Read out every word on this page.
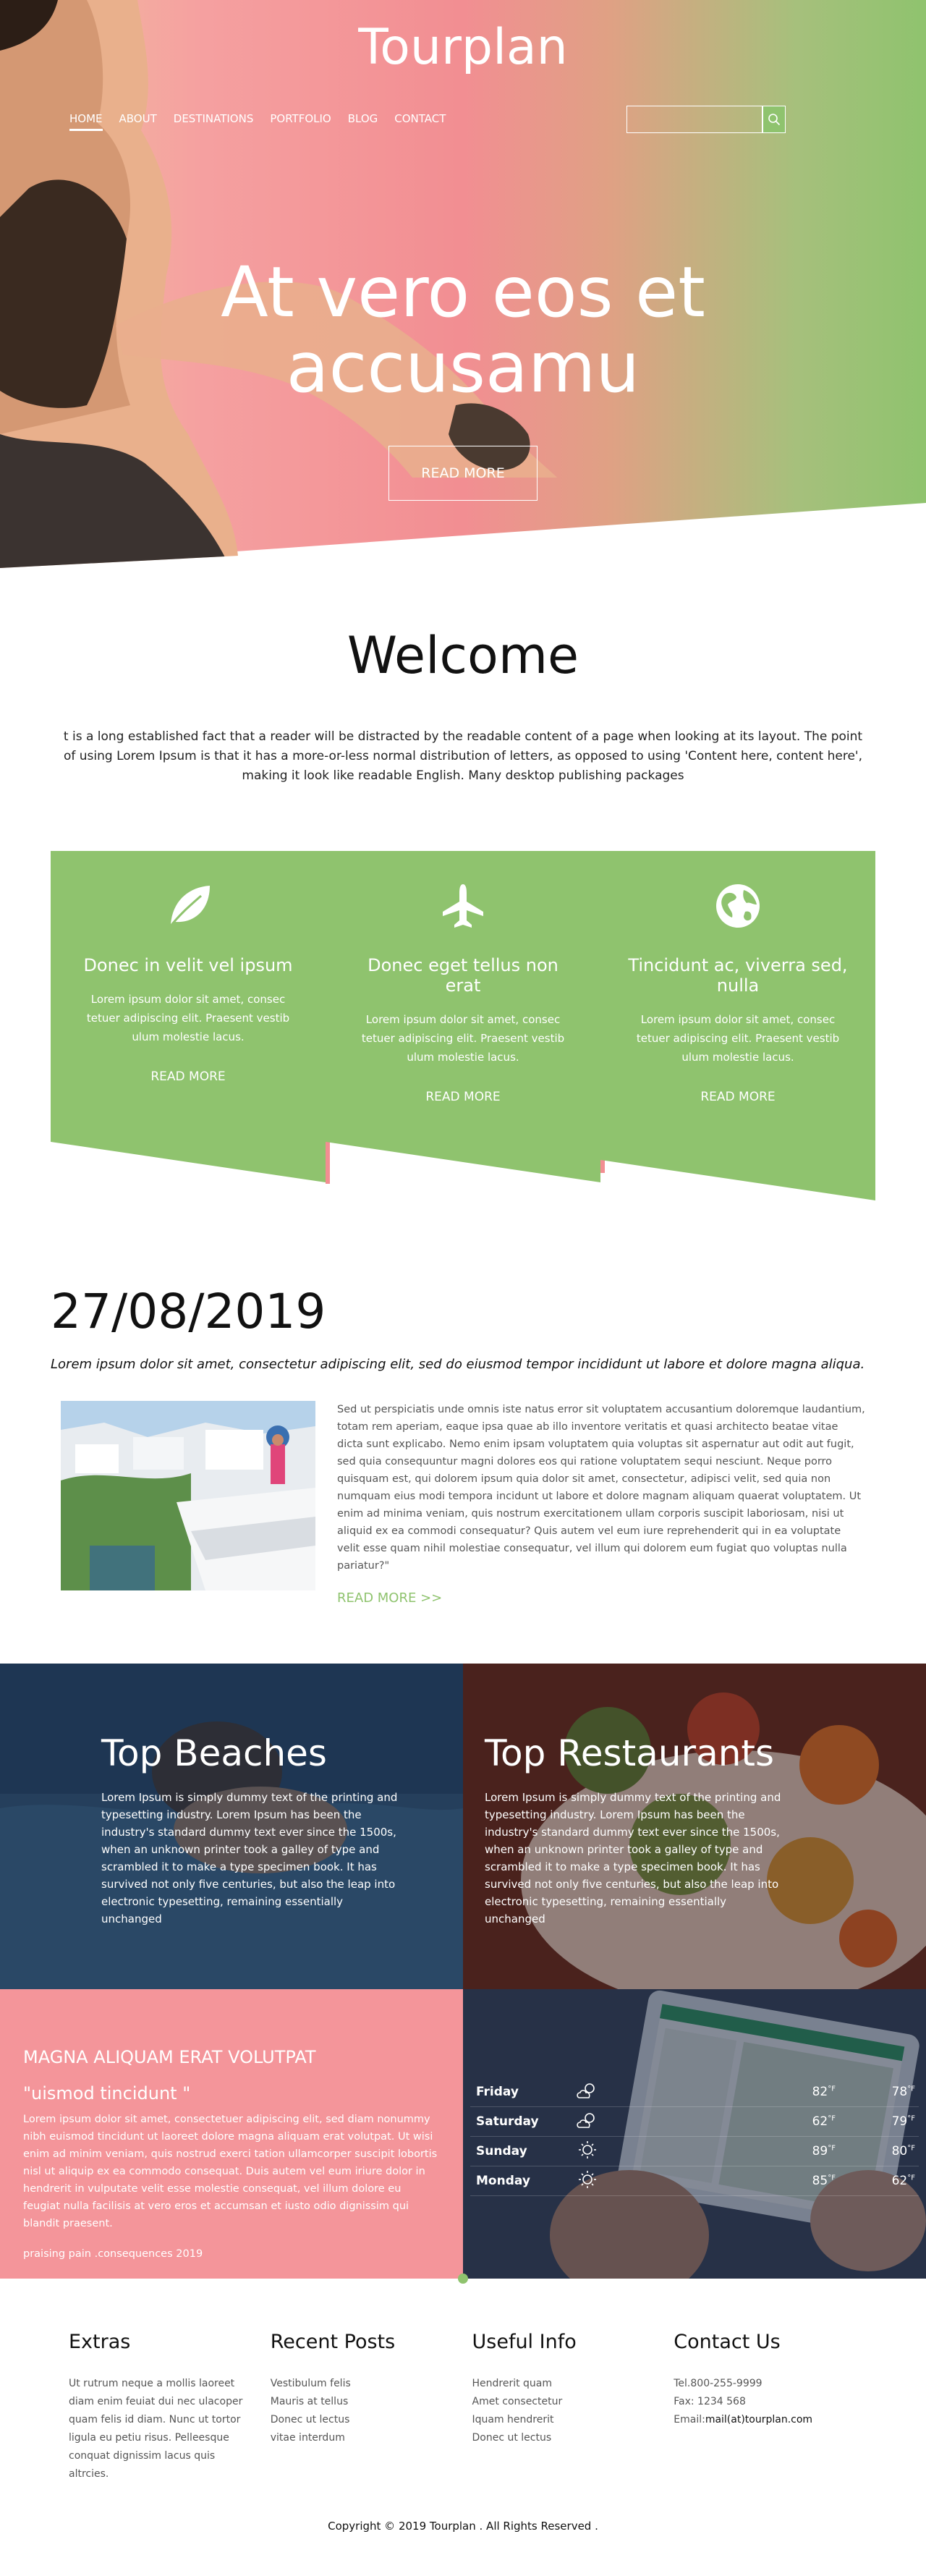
Tourplan
HOME ABOUT DESTINATIONS PORTFOLIO BLOG CONTACT
At vero eos et
accusamu
READ MORE
Welcome

t is a long established fact that a reader will be distracted by the readable content of a page when looking at its layout. The point of using Lorem Ipsum is that it has a more-or-less normal distribution of letters, as opposed to using 'Content here, content here', making it look like readable English. Many desktop publishing packages

Donec in velit vel ipsum

Lorem ipsum dolor sit amet, consec tetuer adipiscing elit. Praesent vestib ulum molestie lacus.

READ MORE
Donec eget tellus non erat

Lorem ipsum dolor sit amet, consec tetuer adipiscing elit. Praesent vestib ulum molestie lacus.

READ MORE
Tincidunt ac, viverra sed, nulla

Lorem ipsum dolor sit amet, consec tetuer adipiscing elit. Praesent vestib ulum molestie lacus.

READ MORE
27/08/2019
Lorem ipsum dolor sit amet, consectetur adipiscing elit, sed do eiusmod tempor incididunt ut labore et dolore magna aliqua.

Sed ut perspiciatis unde omnis iste natus error sit voluptatem accusantium doloremque laudantium, totam rem aperiam, eaque ipsa quae ab illo inventore veritatis et quasi architecto beatae vitae dicta sunt explicabo. Nemo enim ipsam voluptatem quia voluptas sit aspernatur aut odit aut fugit, sed quia consequuntur magni dolores eos qui ratione voluptatem sequi nesciunt. Neque porro quisquam est, qui dolorem ipsum quia dolor sit amet, consectetur, adipisci velit, sed quia non numquam eius modi tempora incidunt ut labore et dolore magnam aliquam quaerat voluptatem. Ut enim ad minima veniam, quis nostrum exercitationem ullam corporis suscipit laboriosam, nisi ut aliquid ex ea commodi consequatur? Quis autem vel eum iure reprehenderit qui in ea voluptate velit esse quam nihil molestiae consequatur, vel illum qui dolorem eum fugiat quo voluptas nulla pariatur?"

READ MORE >>
Top Beaches

Lorem Ipsum is simply dummy text of the printing and typesetting industry. Lorem Ipsum has been the industry's standard dummy text ever since the 1500s, when an unknown printer took a galley of type and scrambled it to make a type specimen book. It has survived not only five centuries, but also the leap into electronic typesetting, remaining essentially unchanged

Top Restaurants

Lorem Ipsum is simply dummy text of the printing and typesetting industry. Lorem Ipsum has been the industry's standard dummy text ever since the 1500s, when an unknown printer took a galley of type and scrambled it to make a type specimen book. It has survived not only five centuries, but also the leap into electronic typesetting, remaining essentially unchanged

MAGNA ALIQUAM ERAT VOLUTPAT
"uismod tincidunt "

Lorem ipsum dolor sit amet, consectetuer adipiscing elit, sed diam nonummy nibh euismod tincidunt ut laoreet dolore magna aliquam erat volutpat. Ut wisi enim ad minim veniam, quis nostrud exerci tation ullamcorper suscipit lobortis nisl ut aliquip ex ea commodo consequat. Duis autem vel eum iriure dolor in hendrerit in vulputate velit esse molestie consequat, vel illum dolore eu feugiat nulla facilisis at vero eros et accumsan et iusto odio dignissim qui blandit praesent.

praising pain .consequences 2019
Friday	$82^{^\circ F}$	$78^{^\circ F}$
Saturday	$62^{^\circ F}$	$79^{^\circ F}$
Sunday	$89^{^\circ F}$	$80^{^\circ F}$
Monday	$85^{^\circ F}$	$62^{^\circ F}$
Extras
Ut rutrum neque a mollis laoreet diam enim feuiat dui nec ulacoper quam felis id diam. Nunc ut tortor ligula eu petiu risus. Pelleesque conquat dignissim lacus quis altrcies.
Recent Posts
Vestibulum felis
Mauris at tellus
Donec ut lectus
vitae interdum
Useful Info
Hendrerit quam
Amet consectetur
Iquam hendrerit
Donec ut lectus
Contact Us
Tel.800-255-9999
Fax: 1234 568
Email:mail(at)tourplan.com
Copyright © 2019 Tourplan . All Rights Reserved .
